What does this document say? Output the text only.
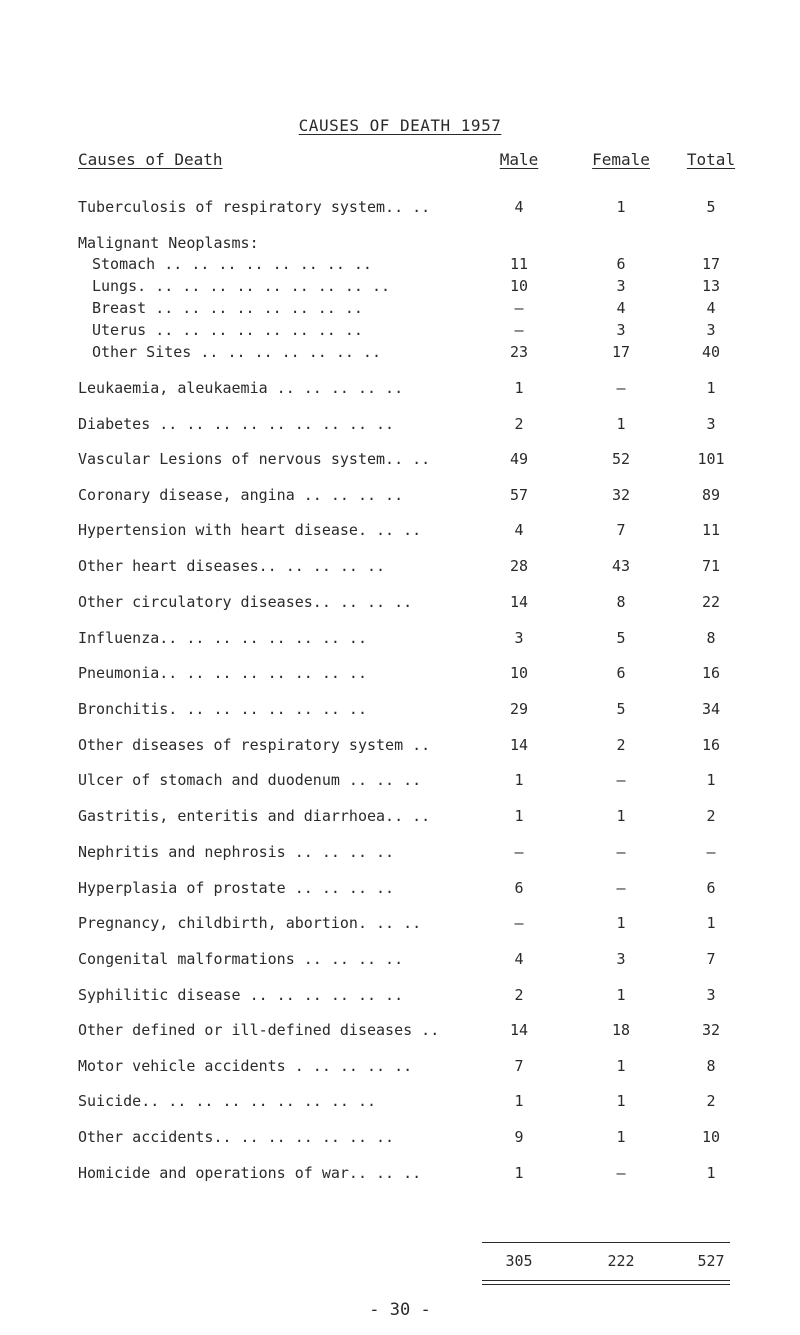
CAUSES OF DEATH 1957
Causes of Death	Male	Female	Total
Tuberculosis of respiratory system.. ..	4	1	5
Malignant Neoplasms:
Stomach .. .. .. .. .. .. .. ..	11	6	17
Lungs. .. .. .. .. .. .. .. .. ..	10	3	13
Breast .. .. .. .. .. .. .. ..	–	4	4
Uterus .. .. .. .. .. .. .. ..	–	3	3
Other Sites .. .. .. .. .. .. ..	23	17	40
Leukaemia, aleukaemia .. .. .. .. ..	1	–	1
Diabetes .. .. .. .. .. .. .. .. ..	2	1	3
Vascular Lesions of nervous system.. ..	49	52	101
Coronary disease, angina .. .. .. ..	57	32	89
Hypertension with heart disease. .. ..	4	7	11
Other heart diseases.. .. .. .. ..	28	43	71
Other circulatory diseases.. .. .. ..	14	8	22
Influenza.. .. .. .. .. .. .. ..	3	5	8
Pneumonia.. .. .. .. .. .. .. ..	10	6	16
Bronchitis. .. .. .. .. .. .. ..	29	5	34
Other diseases of respiratory system ..	14	2	16
Ulcer of stomach and duodenum .. .. ..	1	–	1
Gastritis, enteritis and diarrhoea.. ..	1	1	2
Nephritis and nephrosis .. .. .. ..	–	–	–
Hyperplasia of prostate .. .. .. ..	6	–	6
Pregnancy, childbirth, abortion. .. ..	–	1	1
Congenital malformations .. .. .. ..	4	3	7
Syphilitic disease .. .. .. .. .. ..	2	1	3
Other defined or ill-defined diseases ..	14	18	32
Motor vehicle accidents . .. .. .. ..	7	1	8
Suicide.. .. .. .. .. .. .. .. ..	1	1	2
Other accidents.. .. .. .. .. .. ..	9	1	10
Homicide and operations of war.. .. ..	1	–	1
305	222	527
- 30 -
